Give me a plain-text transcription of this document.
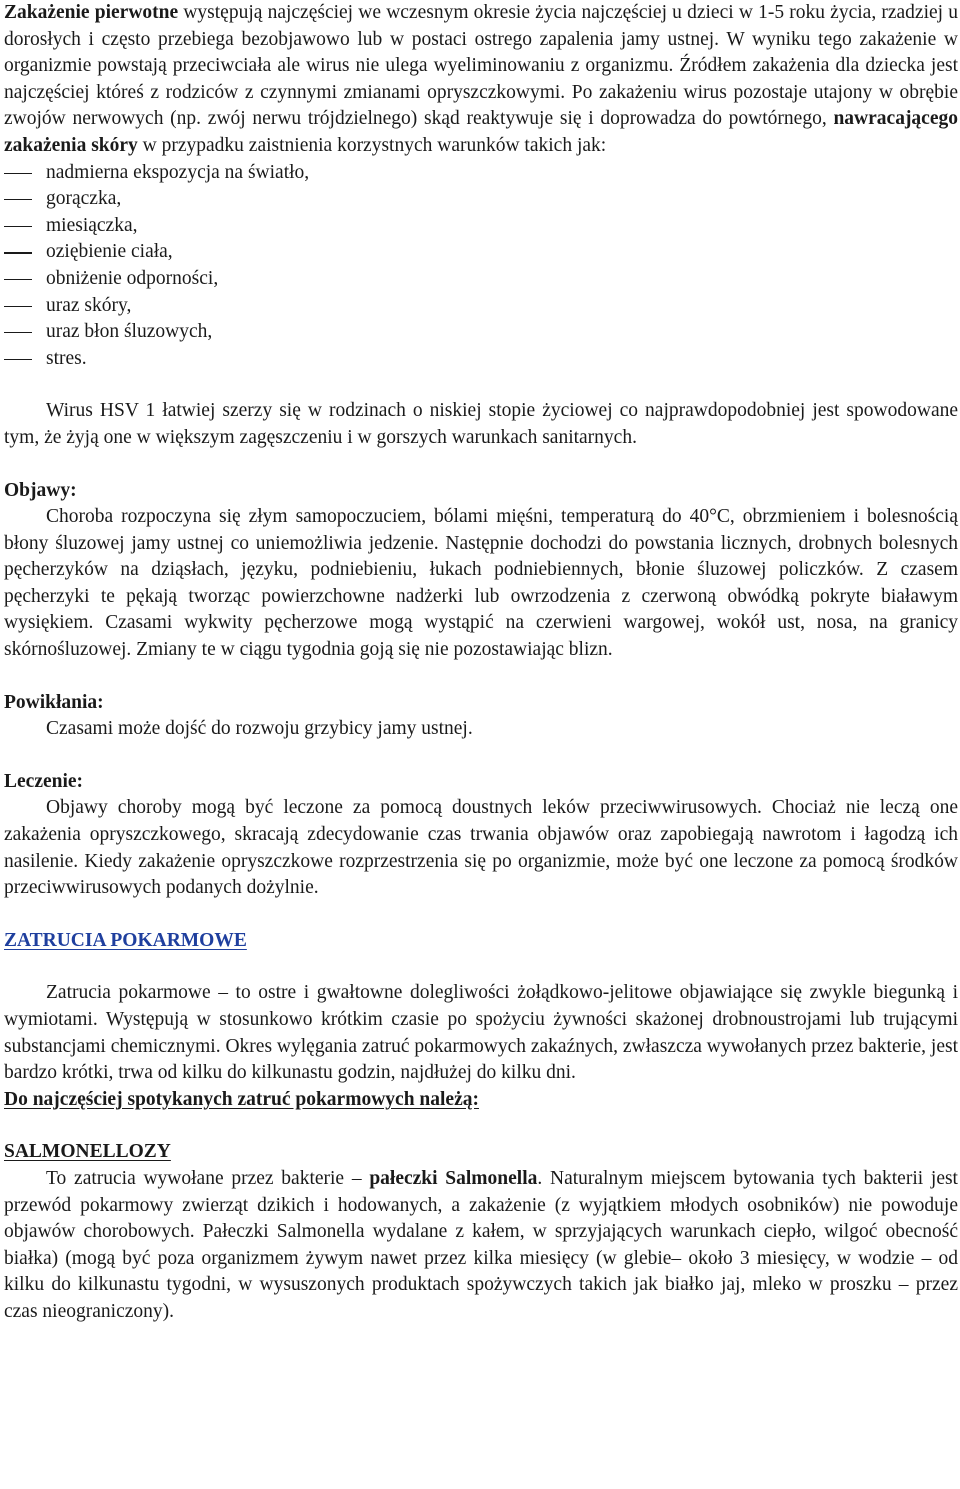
Zakażenie pierwotne występują najczęściej we wczesnym okresie życia najczęściej u dzieci w 1-5 roku życia, rzadziej u dorosłych i często przebiega bezobjawowo lub w postaci ostrego zapalenia jamy ustnej. W wyniku tego zakażenie w organizmie powstają przeciwciała ale wirus nie ulega wyeliminowaniu z organizmu. Źródłem zakażenia dla dziecka jest najczęściej któreś z rodziców z czynnymi zmianami opryszczkowymi. Po zakażeniu wirus pozostaje utajony w obrębie zwojów nerwowych (np. zwój nerwu trójdzielnego) skąd reaktywuje się i doprowadza do powtórnego, nawracającego zakażenia skóry w przypadku zaistnienia korzystnych warunków takich jak:

nadmierna ekspozycja na światło,
gorączka,
miesiączka,
oziębienie ciała,
obniżenie odporności,
uraz skóry,
uraz błon śluzowych,
stres.

Wirus HSV 1 łatwiej szerzy się w rodzinach o niskiej stopie życiowej co najprawdopodobniej jest spowodowane tym, że żyją one w większym zagęszczeniu i w gorszych warunkach sanitarnych.

Objawy:

Choroba rozpoczyna się złym samopoczuciem, bólami mięśni, temperaturą do 40°C, obrzmieniem i bolesnością błony śluzowej jamy ustnej co uniemożliwia jedzenie. Następnie dochodzi do powstania licznych, drobnych bolesnych pęcherzyków na dziąsłach, języku, podniebieniu, łukach podniebiennych, błonie śluzowej policzków. Z czasem pęcherzyki te pękają tworząc powierzchowne nadżerki lub owrzodzenia z czerwoną obwódką pokryte białawym wysiękiem. Czasami wykwity pęcherzowe mogą wystąpić na czerwieni wargowej, wokół ust, nosa, na granicy skórnośluzowej. Zmiany te w ciągu tygodnia goją się nie pozostawiając blizn.

Powikłania:

Czasami może dojść do rozwoju grzybicy jamy ustnej.

Leczenie:

Objawy choroby mogą być leczone za pomocą doustnych leków przeciwwirusowych. Chociaż nie leczą one zakażenia opryszczkowego, skracają zdecydowanie czas trwania objawów oraz zapobiegają nawrotom i łagodzą ich nasilenie. Kiedy zakażenie opryszczkowe rozprzestrzenia się po organizmie, może być one leczone za pomocą środków przeciwwirusowych podanych dożylnie.

ZATRUCIA POKARMOWE

Zatrucia pokarmowe – to ostre i gwałtowne dolegliwości żołądkowo-jelitowe objawiające się zwykle biegunką i wymiotami. Występują w stosunkowo krótkim czasie po spożyciu żywności skażonej drobnoustrojami lub trującymi substancjami chemicznymi. Okres wylęgania zatruć pokarmowych zakaźnych, zwłaszcza wywołanych przez bakterie, jest bardzo krótki, trwa od kilku do kilkunastu godzin, najdłużej do kilku dni.

Do najczęściej spotykanych zatruć pokarmowych należą:

SALMONELLOZY

To zatrucia wywołane przez bakterie – pałeczki Salmonella. Naturalnym miejscem bytowania tych bakterii jest przewód pokarmowy zwierząt dzikich i hodowanych, a zakażenie (z wyjątkiem młodych osobników) nie powoduje objawów chorobowych. Pałeczki Salmonella wydalane z kałem, w sprzyjających warunkach ciepło, wilgoć obecność białka) (mogą być poza organizmem żywym nawet przez kilka miesięcy (w glebie– około 3 miesięcy, w wodzie – od kilku do kilkunastu tygodni, w wysuszonych produktach spożywczych takich jak białko jaj, mleko w proszku – przez czas nieograniczony).
